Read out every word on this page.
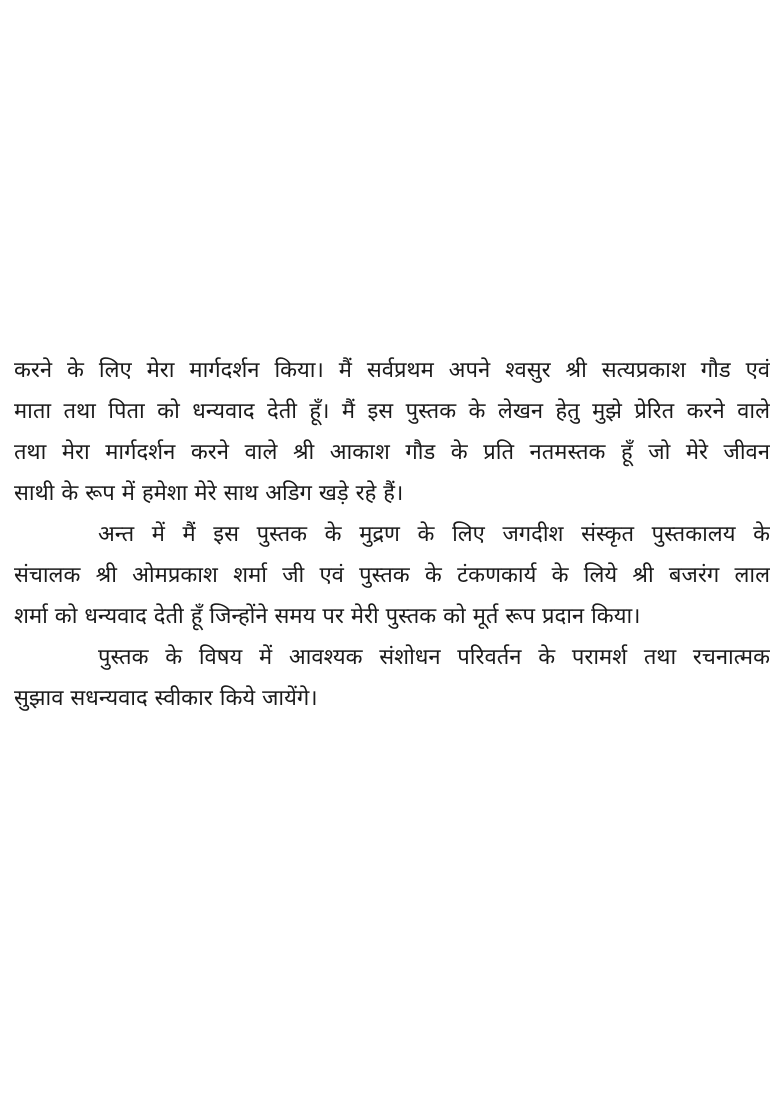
करने के लिए मेरा मार्गदर्शन किया। मैं सर्वप्रथम अपने श्वसुर श्री सत्यप्रकाश गौड एवं
माता तथा पिता को धन्यवाद देती हूँ। मैं इस पुस्तक के लेखन हेतु मुझे प्रेरित करने वाले
तथा मेरा मार्गदर्शन करने वाले श्री आकाश गौड के प्रति नतमस्तक हूँ जो मेरे जीवन
साथी के रूप में हमेशा मेरे साथ अडिग खड़े रहे हैं।
अन्त में मैं इस पुस्तक के मुद्रण के लिए जगदीश संस्कृत पुस्तकालय के
संचालक श्री ओमप्रकाश शर्मा जी एवं पुस्तक के टंकणकार्य के लिये श्री बजरंग लाल
शर्मा को धन्यवाद देती हूँ जिन्होंने समय पर मेरी पुस्तक को मूर्त रूप प्रदान किया।
पुस्तक के विषय में आवश्यक संशोधन परिवर्तन के परामर्श तथा रचनात्मक
सुझाव सधन्यवाद स्वीकार किये जायेंगे।
